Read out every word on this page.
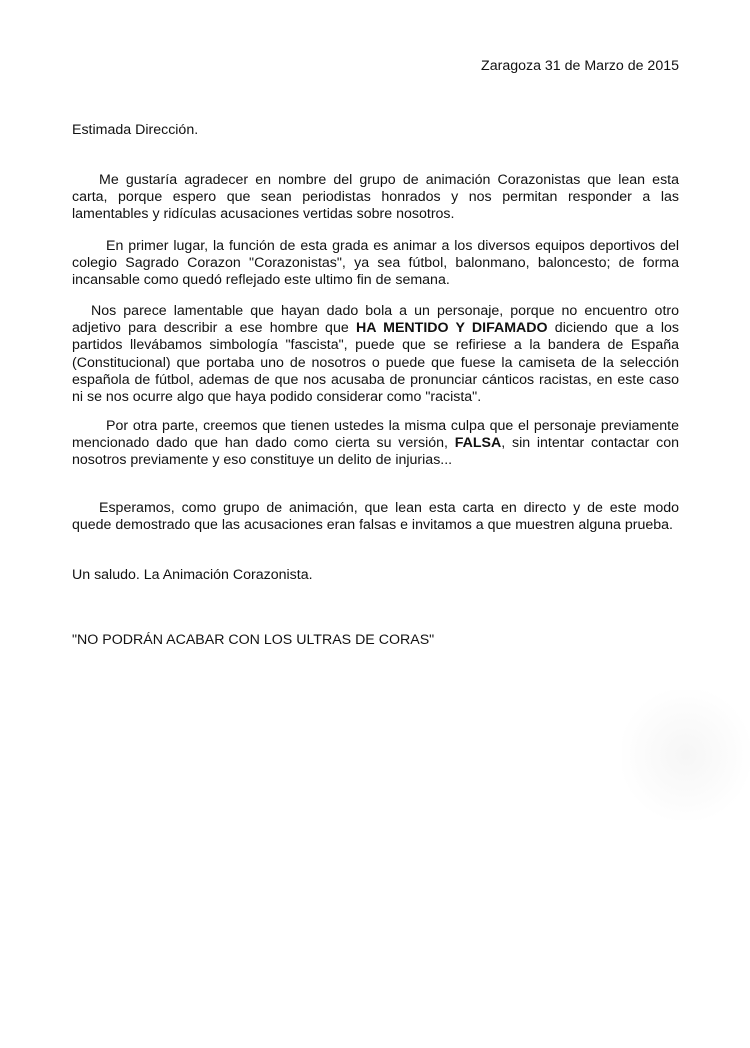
Zaragoza 31 de Marzo de 2015
Estimada Dirección.

Me gustaría agradecer en nombre del grupo de animación Corazonistas que lean esta carta, porque espero que sean periodistas honrados y nos permitan responder a las lamentables y ridículas acusaciones vertidas sobre nosotros.

En primer lugar, la función de esta grada es animar a los diversos equipos deportivos del colegio Sagrado Corazon "Corazonistas", ya sea fútbol, balonmano, baloncesto; de forma incansable como quedó reflejado este ultimo fin de semana.

Nos parece lamentable que hayan dado bola a un personaje, porque no encuentro otro adjetivo para describir a ese hombre que HA MENTIDO Y DIFAMADO diciendo que a los partidos llevábamos simbología "fascista", puede que se refiriese a la bandera de España (Constitucional) que portaba uno de nosotros o puede que fuese la camiseta de la selección española de fútbol, ademas de que nos acusaba de pronunciar cánticos racistas, en este caso ni se nos ocurre algo que haya podido considerar como "racista".

Por otra parte, creemos que tienen ustedes la misma culpa que el personaje previamente mencionado dado que han dado como cierta su versión, FALSA, sin intentar contactar con nosotros previamente y eso constituye un delito de injurias...

Esperamos, como grupo de animación, que lean esta carta en directo y de este modo quede demostrado que las acusaciones eran falsas e invitamos a que muestren alguna prueba.

Un saludo. La Animación Corazonista.
"NO PODRÁN ACABAR CON LOS ULTRAS DE CORAS"
